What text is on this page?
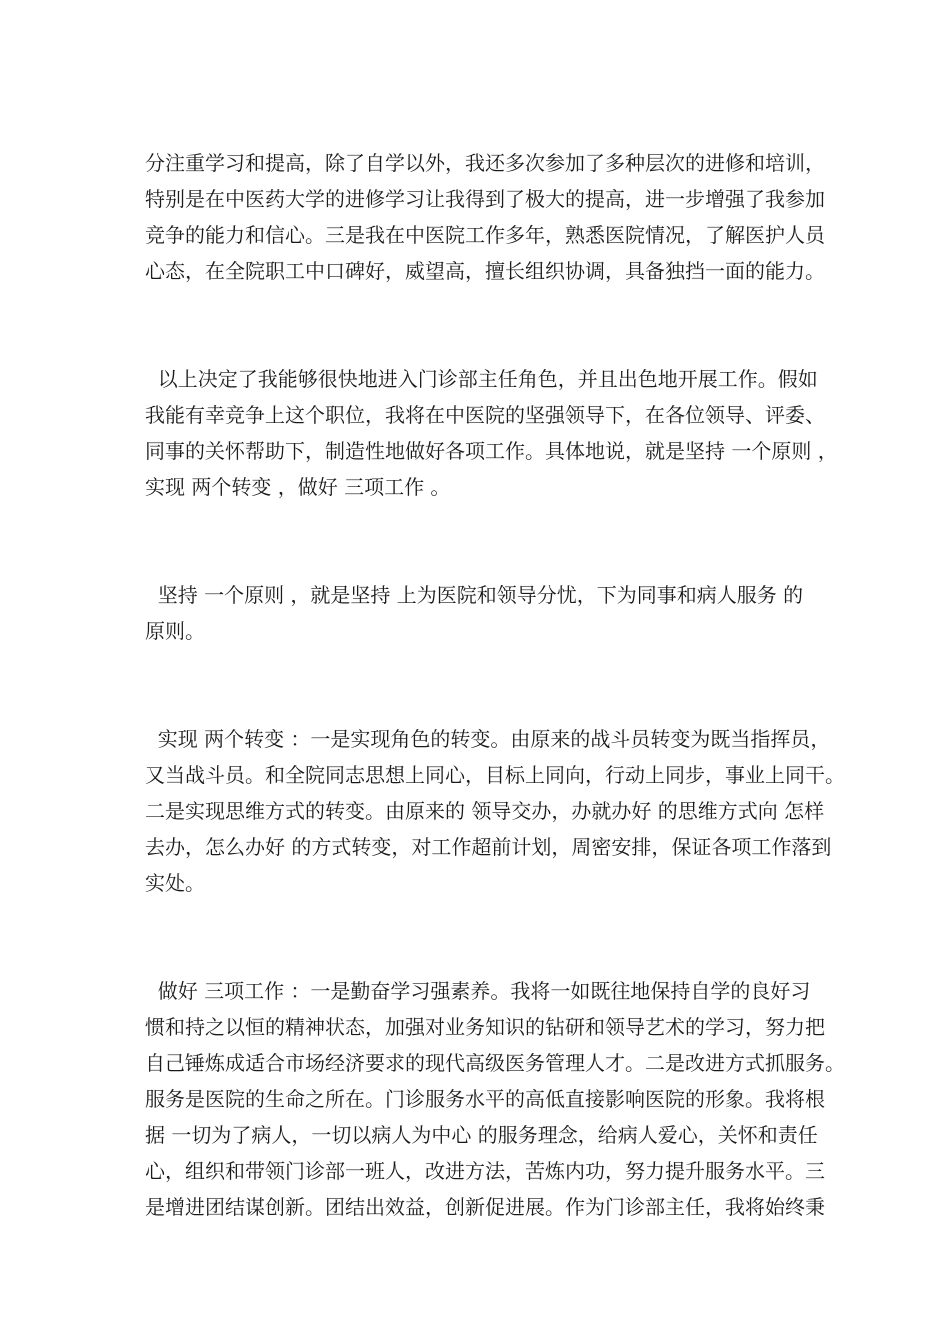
分注重学习和提高，除了自学以外，我还多次参加了多种层次的进修和培训，

特别是在中医药大学的进修学习让我得到了极大的提高，进一步增强了我参加

竞争的能力和信心。三是我在中医院工作多年，熟悉医院情况，了解医护人员

心态，在全院职工中口碑好，威望高，擅长组织协调，具备独挡一面的能力。

以上决定了我能够很快地进入门诊部主任角色，并且出色地开展工作。假如

我能有幸竞争上这个职位，我将在中医院的坚强领导下，在各位领导、评委、

同事的关怀帮助下，制造性地做好各项工作。具体地说，就是坚持 一个原则 ，

实现 两个转变 ，做好 三项工作 。

坚持 一个原则 ，就是坚持 上为医院和领导分忧，下为同事和病人服务 的

原则。

实现 两个转变 ：一是实现角色的转变。由原来的战斗员转变为既当指挥员，

又当战斗员。和全院同志思想上同心，目标上同向，行动上同步，事业上同干。

二是实现思维方式的转变。由原来的 领导交办，办就办好 的思维方式向 怎样

去办，怎么办好 的方式转变，对工作超前计划，周密安排，保证各项工作落到

实处。

做好 三项工作 ：一是勤奋学习强素养。我将一如既往地保持自学的良好习

惯和持之以恒的精神状态，加强对业务知识的钻研和领导艺术的学习，努力把

自己锤炼成适合市场经济要求的现代高级医务管理人才。二是改进方式抓服务。

服务是医院的生命之所在。门诊服务水平的高低直接影响医院的形象。我将根

据 一切为了病人，一切以病人为中心 的服务理念，给病人爱心，关怀和责任

心，组织和带领门诊部一班人，改进方法，苦炼内功，努力提升服务水平。三

是增进团结谋创新。团结出效益，创新促进展。作为门诊部主任，我将始终秉
